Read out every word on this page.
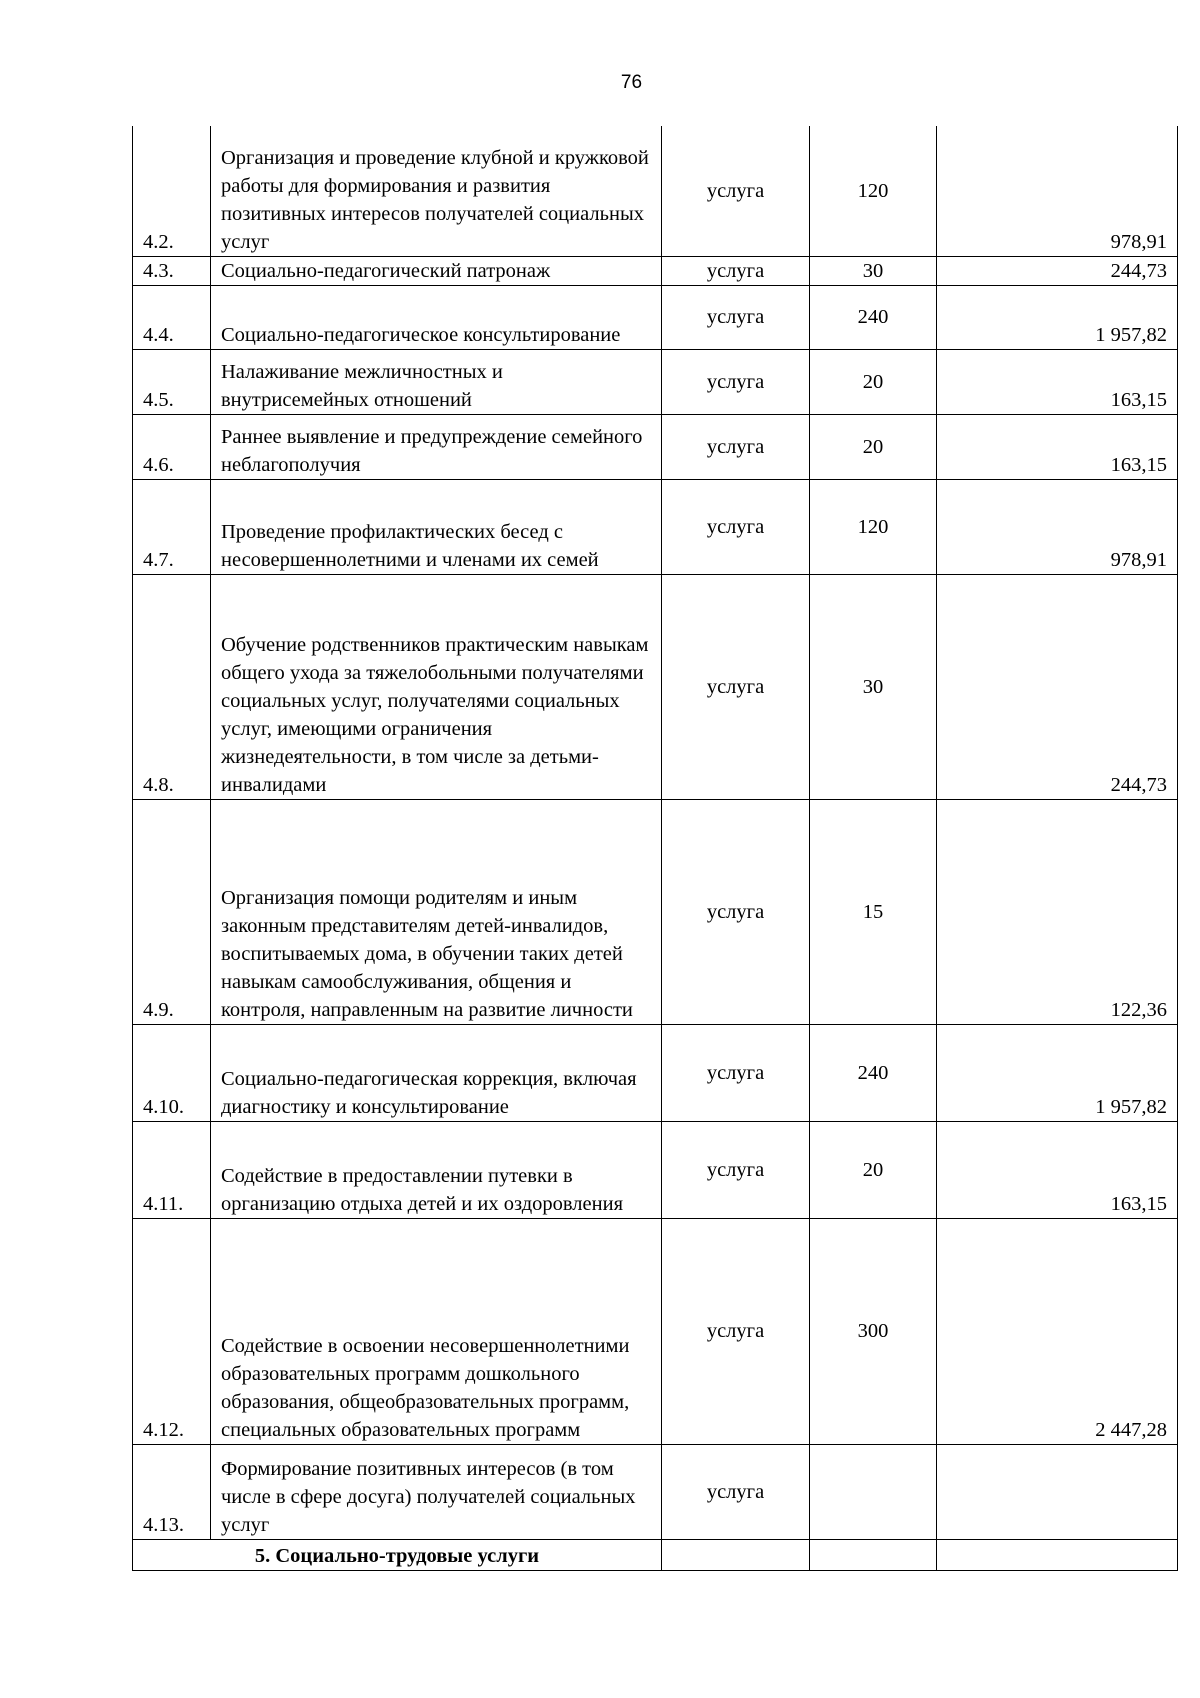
76
4.2.	Организация и проведение клубной и кружковой работы для формирования и развития позитивных интересов получателей социальных услуг	услуга	120	978,91
4.3.	Социально-педагогический патронаж	услуга	30	244,73
4.4.	Социально-педагогическое консультирование	услуга	240	1 957,82
4.5.	Налаживание межличностных и внутрисемейных отношений	услуга	20	163,15
4.6.	Раннее выявление и предупреждение семейного неблагополучия	услуга	20	163,15
4.7.	Проведение профилактических бесед с несовершеннолетними и членами их семей	услуга	120	978,91
4.8.	Обучение родственников практическим навыкам общего ухода за тяжелобольными получателями социальных услуг, получателями социальных услуг, имеющими ограничения жизнедеятельности, в том числе за детьми-инвалидами	услуга	30	244,73
4.9.	Организация помощи родителям и иным законным представителям детей-инвалидов, воспитываемых дома, в обучении таких детей навыкам самообслуживания, общения и контроля, направленным на развитие личности	услуга	15	122,36
4.10.	Социально-педагогическая коррекция, включая диагностику и консультирование	услуга	240	1 957,82
4.11.	Содействие в предоставлении путевки в организацию отдыха детей и их оздоровления	услуга	20	163,15
4.12.	Содействие в освоении несовершеннолетними образовательных программ дошкольного образования, общеобразовательных программ, специальных образовательных программ	услуга	300	2 447,28
4.13.	Формирование позитивных интересов (в том числе в сфере досуга) получателей социальных услуг	услуга		
5. Социально-трудовые услуги				
